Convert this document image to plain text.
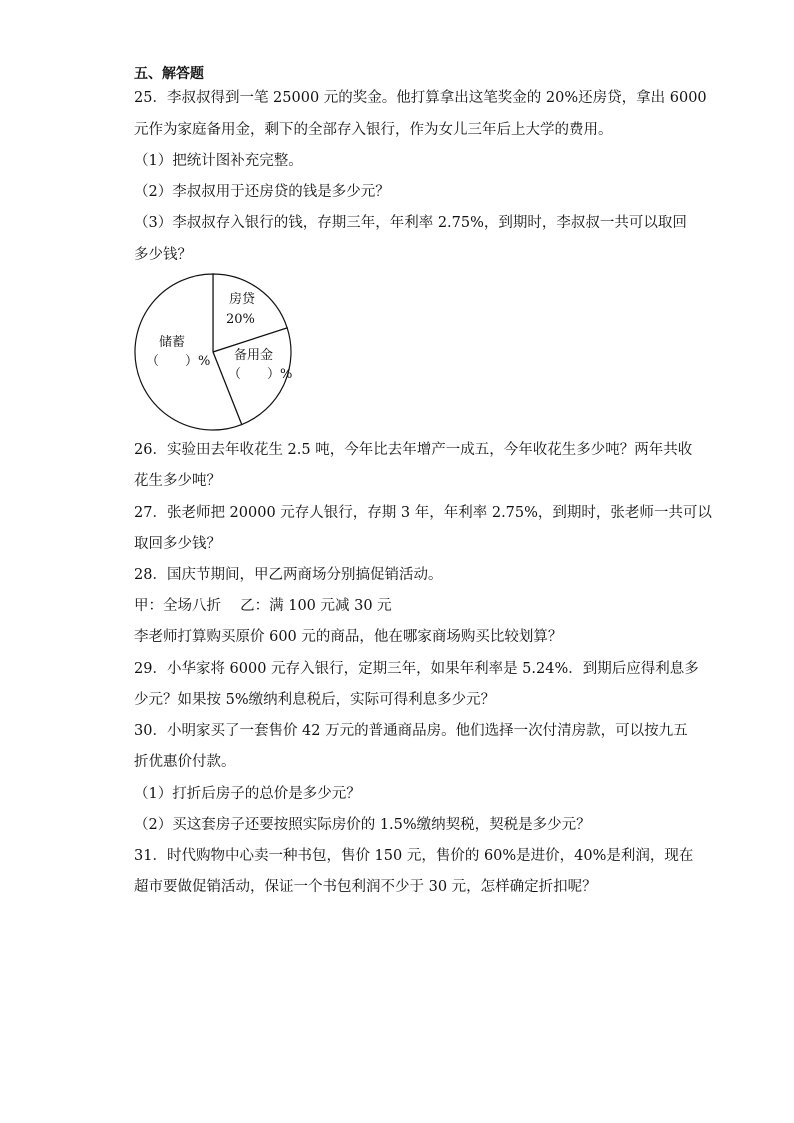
五、解答题
25．李叔叔得到一笔 25000 元的奖金。他打算拿出这笔奖金的 20%还房贷，拿出 6000
元作为家庭备用金，剩下的全部存入银行，作为女儿三年后上大学的费用。
（1）把统计图补充完整。
（2）李叔叔用于还房贷的钱是多少元？
（3）李叔叔存入银行的钱，存期三年，年利率 2.75%，到期时，李叔叔一共可以取回
多少钱？
房贷
20%
备用金
（　　）%
储蓄
（　　）%
26．实验田去年收花生 2.5 吨，今年比去年增产一成五，今年收花生多少吨？两年共收
花生多少吨？
27．张老师把 20000 元存人银行，存期 3 年，年利率 2.75%，到期时，张老师一共可以
取回多少钱？
28．国庆节期间，甲乙两商场分别搞促销活动。
甲：全场八折　 乙：满 100 元减 30 元
李老师打算购买原价 600 元的商品，他在哪家商场购买比较划算？
29．小华家将 6000 元存入银行，定期三年，如果年利率是 5.24%．到期后应得利息多
少元？如果按 5%缴纳利息税后，实际可得利息多少元？
30．小明家买了一套售价 42 万元的普通商品房。他们选择一次付清房款，可以按九五
折优惠价付款。
（1）打折后房子的总价是多少元？
（2）买这套房子还要按照实际房价的 1.5%缴纳契税，契税是多少元？
31．时代购物中心卖一种书包，售价 150 元，售价的 60%是进价，40%是利润，现在
超市要做促销活动，保证一个书包利润不少于 30 元，怎样确定折扣呢？
